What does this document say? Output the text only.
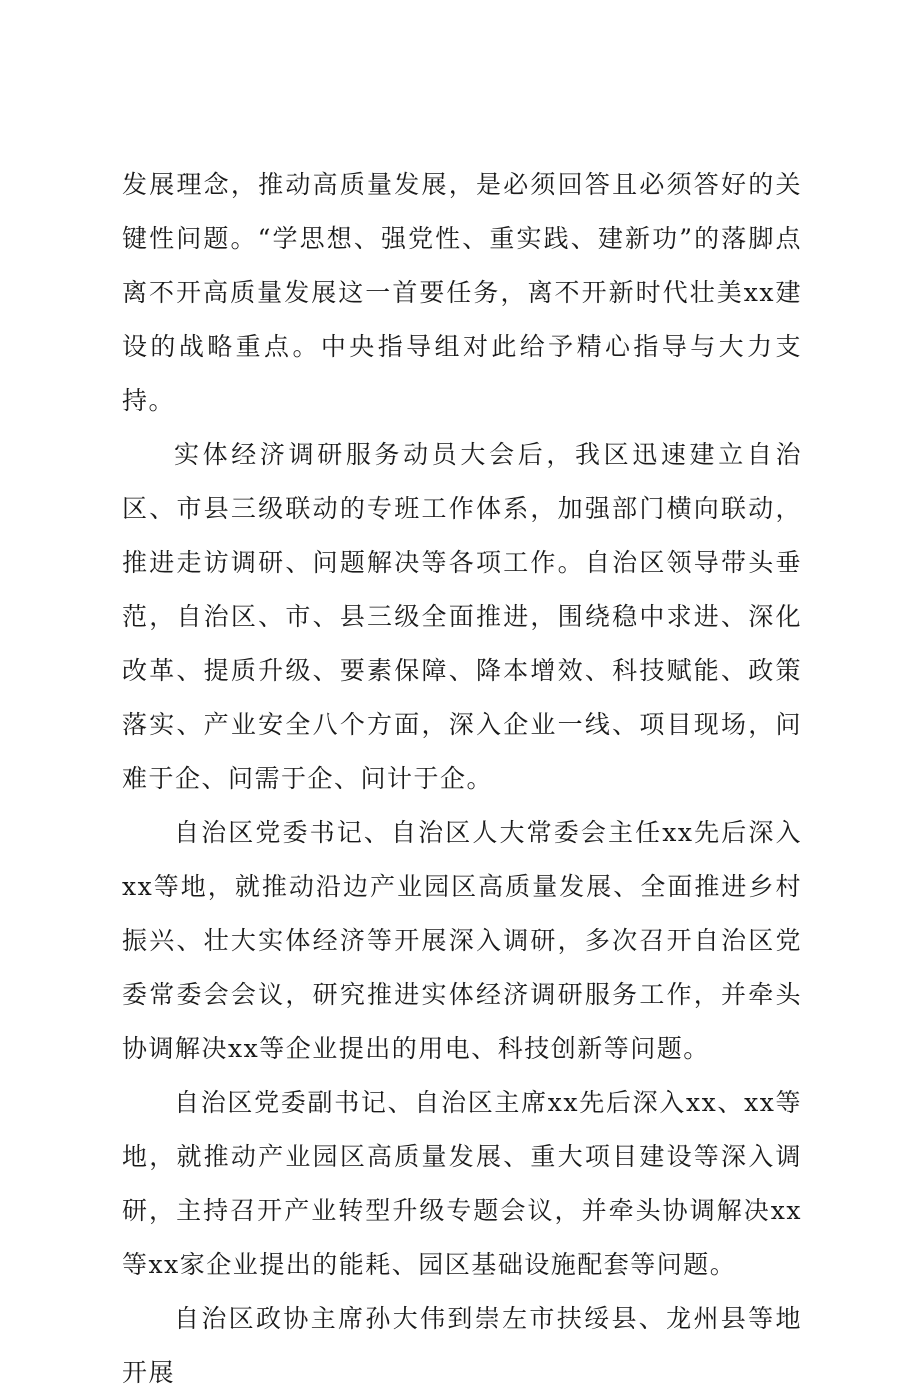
发展理念，推动高质量发展，是必须回答且必须答好的关键性问题。“学思想、强党性、重实践、建新功”的落脚点离不开高质量发展这一首要任务，离不开新时代壮美xx建设的战略重点。中央指导组对此给予精心指导与大力支持。

实体经济调研服务动员大会后，我区迅速建立自治区、市县三级联动的专班工作体系，加强部门横向联动，推进走访调研、问题解决等各项工作。自治区领导带头垂范，自治区、市、县三级全面推进，围绕稳中求进、深化改革、提质升级、要素保障、降本增效、科技赋能、政策落实、产业安全八个方面，深入企业一线、项目现场，问难于企、问需于企、问计于企。

自治区党委书记、自治区人大常委会主任xx先后深入xx等地，就推动沿边产业园区高质量发展、全面推进乡村振兴、壮大实体经济等开展深入调研，多次召开自治区党委常委会会议，研究推进实体经济调研服务工作，并牵头协调解决xx等企业提出的用电、科技创新等问题。

自治区党委副书记、自治区主席xx先后深入xx、xx等地，就推动产业园区高质量发展、重大项目建设等深入调研，主持召开产业转型升级专题会议，并牵头协调解决xx等xx家企业提出的能耗、园区基础设施配套等问题。

自治区政协主席孙大伟到崇左市扶绥县、龙州县等地开展
